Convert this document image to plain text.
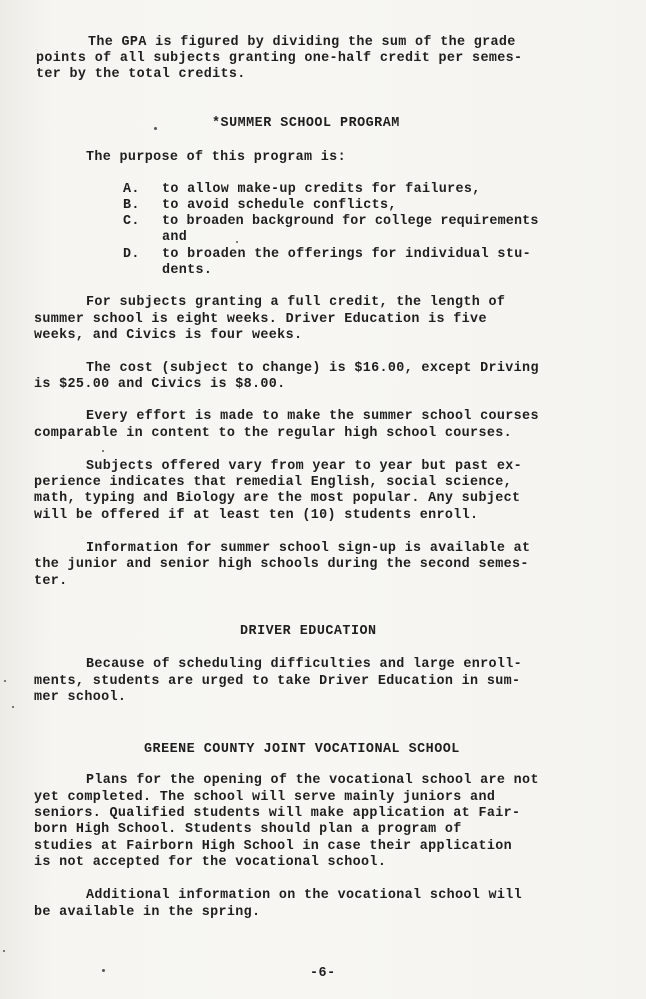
The GPA is figured by dividing the sum of the grade
points of all subjects granting one-half credit per semes-
ter by the total credits.
*SUMMER SCHOOL PROGRAM
The purpose of this program is:
A. to allow make-up credits for failures,
B. to avoid schedule conflicts,
C. to broaden background for college requirements
and
D. to broaden the offerings for individual stu-
dents.
For subjects granting a full credit, the length of
summer school is eight weeks. Driver Education is five
weeks, and Civics is four weeks.
The cost (subject to change) is $16.00, except Driving
is $25.00 and Civics is $8.00.
Every effort is made to make the summer school courses
comparable in content to the regular high school courses.
Subjects offered vary from year to year but past ex-
perience indicates that remedial English, social science,
math, typing and Biology are the most popular. Any subject
will be offered if at least ten (10) students enroll.
Information for summer school sign-up is available at
the junior and senior high schools during the second semes-
ter.
DRIVER EDUCATION
Because of scheduling difficulties and large enroll-
ments, students are urged to take Driver Education in sum-
mer school.
GREENE COUNTY JOINT VOCATIONAL SCHOOL
Plans for the opening of the vocational school are not
yet completed. The school will serve mainly juniors and
seniors. Qualified students will make application at Fair-
born High School. Students should plan a program of
studies at Fairborn High School in case their application
is not accepted for the vocational school.
Additional information on the vocational school will
be available in the spring.
-6-
